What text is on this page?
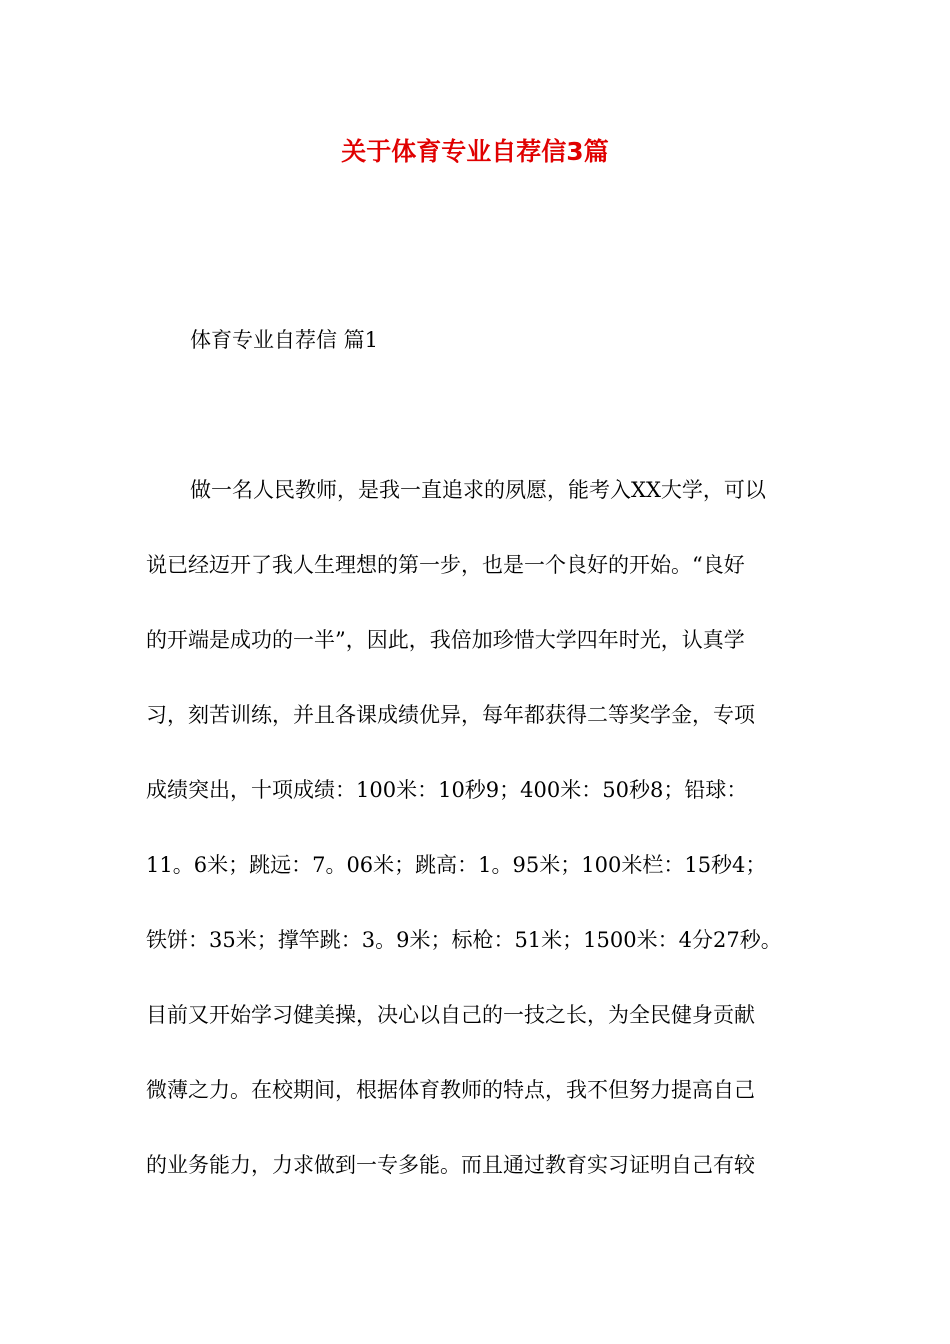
关于体育专业自荐信3篇

体育专业自荐信 篇1

做一名人民教师，是我一直追求的夙愿，能考入XX大学，可以

说已经迈开了我人生理想的第一步，也是一个良好的开始。“良好

的开端是成功的一半”，因此，我倍加珍惜大学四年时光，认真学

习，刻苦训练，并且各课成绩优异，每年都获得二等奖学金，专项

成绩突出，十项成绩：100米：10秒9；400米：50秒8；铅球：

11。6米；跳远：7。06米；跳高：1。95米；100米栏：15秒4；

铁饼：35米；撑竿跳：3。9米；标枪：51米；1500米：4分27秒。

目前又开始学习健美操，决心以自己的一技之长，为全民健身贡献

微薄之力。在校期间，根据体育教师的特点，我不但努力提高自己

的业务能力，力求做到一专多能。而且通过教育实习证明自己有较
